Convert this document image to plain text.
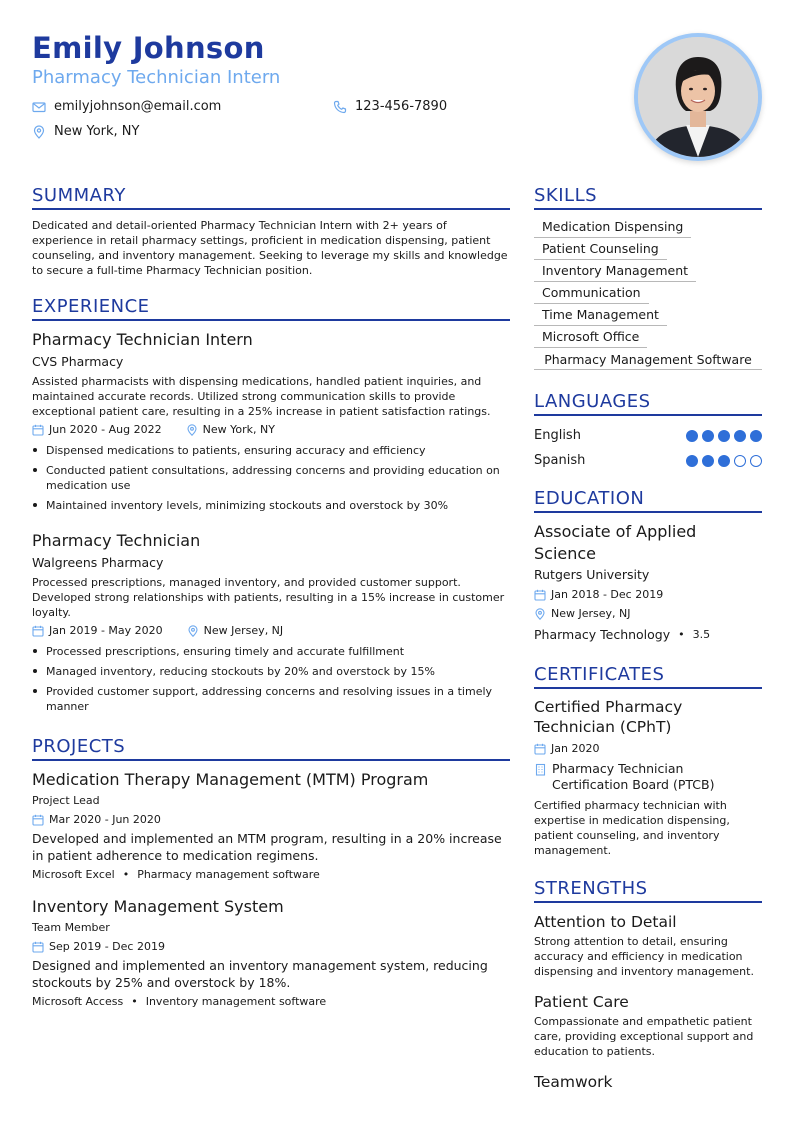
Emily Johnson
Pharmacy Technician Intern
emilyjohnson@email.com	123-456-7890
New York, NY
SUMMARY
Dedicated and detail-oriented Pharmacy Technician Intern with 2+ years of experience in retail pharmacy settings, proficient in medication dispensing, patient counseling, and inventory management. Seeking to leverage my skills and knowledge to secure a full-time Pharmacy Technician position.
EXPERIENCE
Pharmacy Technician Intern
CVS Pharmacy
Assisted pharmacists with dispensing medications, handled patient inquiries, and maintained accurate records. Utilized strong communication skills to provide exceptional patient care, resulting in a 25% increase in patient satisfaction ratings.
Jun 2020 - Aug 2022	New York, NY
Dispensed medications to patients, ensuring accuracy and efficiency
Conducted patient consultations, addressing concerns and providing education on medication use
Maintained inventory levels, minimizing stockouts and overstock by 30%
Pharmacy Technician
Walgreens Pharmacy
Processed prescriptions, managed inventory, and provided customer support. Developed strong relationships with patients, resulting in a 15% increase in customer loyalty.
Jan 2019 - May 2020	New Jersey, NJ
Processed prescriptions, ensuring timely and accurate fulfillment
Managed inventory, reducing stockouts by 20% and overstock by 15%
Provided customer support, addressing concerns and resolving issues in a timely manner
PROJECTS
Medication Therapy Management (MTM) Program
Project Lead
Mar 2020 - Jun 2020
Developed and implemented an MTM program, resulting in a 20% increase in patient adherence to medication regimens.
Microsoft Excel • Pharmacy management software
Inventory Management System
Team Member
Sep 2019 - Dec 2019
Designed and implemented an inventory management system, reducing stockouts by 25% and overstock by 18%.
Microsoft Access • Inventory management software
SKILLS
Medication Dispensing
Patient Counseling
Inventory Management
Communication
Time Management
Microsoft Office
Pharmacy Management Software
LANGUAGES
English
Spanish
EDUCATION
Associate of Applied Science
Rutgers University
Jan 2018 - Dec 2019
New Jersey, NJ
Pharmacy Technology • 3.5
CERTIFICATES
Certified Pharmacy Technician (CPhT)
Jan 2020
Pharmacy Technician Certification Board (PTCB)
Certified pharmacy technician with expertise in medication dispensing, patient counseling, and inventory management.
STRENGTHS
Attention to Detail
Strong attention to detail, ensuring accuracy and efficiency in medication dispensing and inventory management.
Patient Care
Compassionate and empathetic patient care, providing exceptional support and education to patients.
Teamwork
